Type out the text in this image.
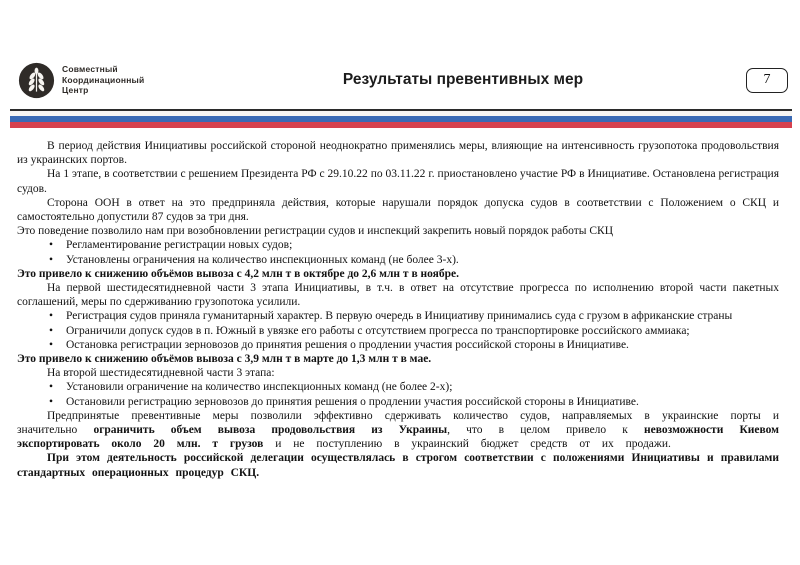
Совместный
Координационный
Центр
Результаты превентивных мер	7

В период действия Инициативы российской стороной неоднократно применялись меры, влияющие на интенсивность грузопотока продовольствия из украинских портов.

На 1 этапе, в соответствии с решением Президента РФ с 29.10.22 по 03.11.22 г. приостановлено участие РФ в Инициативе. Остановлена регистрация судов.

Сторона ООН в ответ на это предприняла действия, которые нарушали порядок допуска судов в соответствии с Положением о СКЦ и самостоятельно допустили 87 судов за три дня.

Это поведение позволило нам при возобновлении регистрации судов и инспекций закрепить новый порядок работы СКЦ

• Регламентирование регистрации новых судов;

• Установлены ограничения на количество инспекционных команд (не более 3-х).

Это привело к снижению объёмов вывоза с 4,2 млн т в октябре до 2,6 млн т в ноябре.

На первой шестидесятидневной части 3 этапа Инициативы, в т.ч. в ответ на отсутствие прогресса по исполнению второй части пакетных соглашений, меры по сдерживанию грузопотока усилили.

• Регистрация судов приняла гуманитарный характер. В первую очередь в Инициативу принимались суда с грузом в африканские страны

• Ограничили допуск судов в п. Южный в увязке его работы с отсутствием прогресса по транспортировке российского аммиака;

• Остановка регистрации зерновозов до принятия решения о продлении участия российской стороны в Инициативе.

Это привело к снижению объёмов вывоза с 3,9 млн т в марте до 1,3 млн т в мае.

На второй шестидесятидневной части 3 этапа:

• Установили ограничение на количество инспекционных команд (не более 2-х);

• Остановили регистрацию зерновозов до принятия решения о продлении участия российской стороны в Инициативе.

Предпринятые превентивные меры позволили эффективно сдерживать количество судов, направляемых в украинские порты и значительно ограничить объем вывоза продовольствия из Украины, что в целом привело к невозможности Киевом экспортировать около 20 млн. т грузов и не поступлению в украинский бюджет средств от их продажи.

При этом деятельность российской делегации осуществлялась в строгом соответствии с положениями Инициативы и правилами стандартных операционных процедур СКЦ.
